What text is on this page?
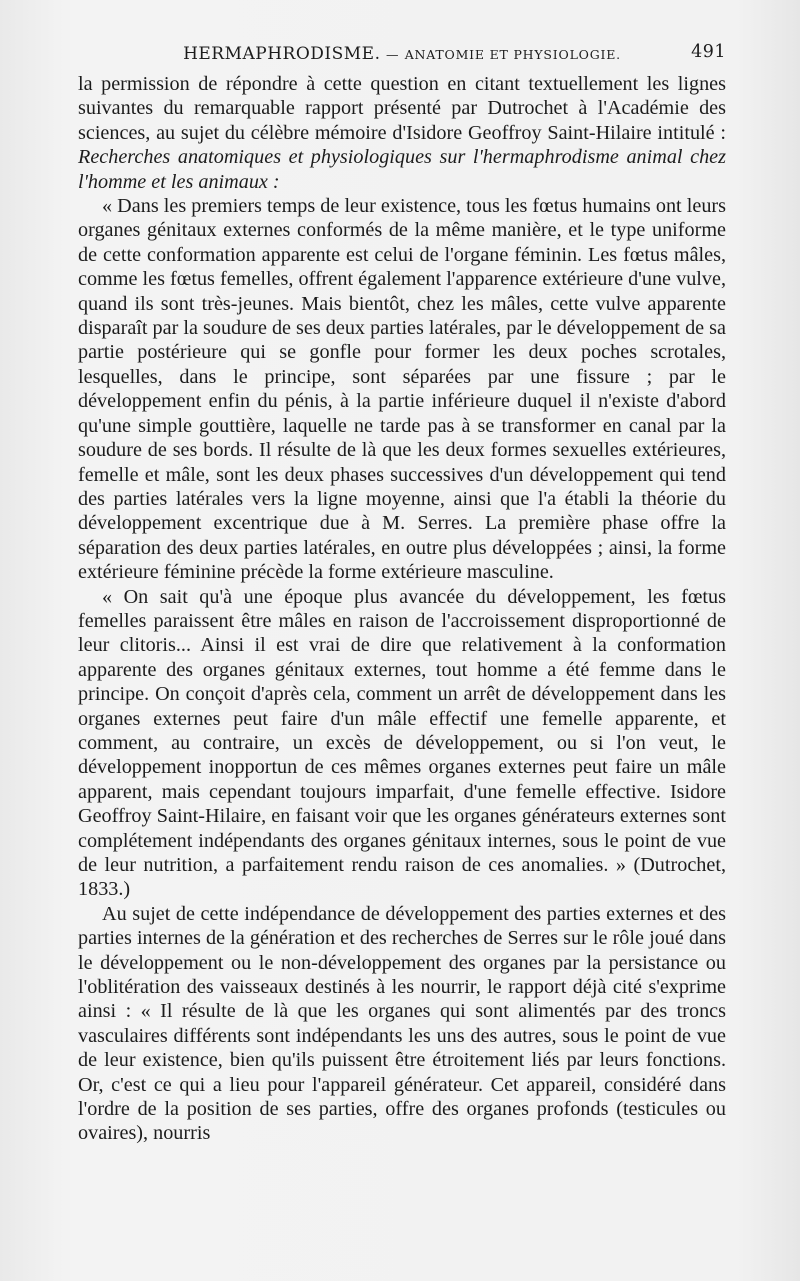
HERMAPHRODISME. — ANATOMIE ET PHYSIOLOGIE.	491

la permission de répondre à cette question en citant textuellement les lignes suivantes du remarquable rapport présenté par Dutrochet à l'Académie des sciences, au sujet du célèbre mémoire d'Isidore Geoffroy Saint-Hilaire intitulé : Recherches anatomiques et physiologiques sur l'hermaphrodisme animal chez l'homme et les animaux :

« Dans les premiers temps de leur existence, tous les fœtus humains ont leurs organes génitaux externes conformés de la même manière, et le type uniforme de cette conformation apparente est celui de l'organe féminin. Les fœtus mâles, comme les fœtus femelles, offrent également l'apparence extérieure d'une vulve, quand ils sont très-jeunes. Mais bientôt, chez les mâles, cette vulve apparente disparaît par la soudure de ses deux parties latérales, par le développement de sa partie postérieure qui se gonfle pour former les deux poches scrotales, lesquelles, dans le principe, sont séparées par une fissure ; par le développement enfin du pénis, à la partie inférieure duquel il n'existe d'abord qu'une simple gouttière, laquelle ne tarde pas à se transformer en canal par la soudure de ses bords. Il résulte de là que les deux formes sexuelles extérieures, femelle et mâle, sont les deux phases successives d'un développement qui tend des parties latérales vers la ligne moyenne, ainsi que l'a établi la théorie du développement excentrique due à M. Serres. La première phase offre la séparation des deux parties latérales, en outre plus développées ; ainsi, la forme extérieure féminine précède la forme extérieure masculine.

« On sait qu'à une époque plus avancée du développement, les fœtus femelles paraissent être mâles en raison de l'accroissement disproportionné de leur clitoris... Ainsi il est vrai de dire que relativement à la conformation apparente des organes génitaux externes, tout homme a été femme dans le principe. On conçoit d'après cela, comment un arrêt de développement dans les organes externes peut faire d'un mâle effectif une femelle apparente, et comment, au contraire, un excès de développement, ou si l'on veut, le développement inopportun de ces mêmes organes externes peut faire un mâle apparent, mais cependant toujours imparfait, d'une femelle effective. Isidore Geoffroy Saint-Hilaire, en faisant voir que les organes générateurs externes sont complétement indépendants des organes génitaux internes, sous le point de vue de leur nutrition, a parfaitement rendu raison de ces anomalies. » (Dutrochet, 1833.)

Au sujet de cette indépendance de développement des parties externes et des parties internes de la génération et des recherches de Serres sur le rôle joué dans le développement ou le non-développement des organes par la persistance ou l'oblitération des vaisseaux destinés à les nourrir, le rapport déjà cité s'exprime ainsi : « Il résulte de là que les organes qui sont alimentés par des troncs vasculaires différents sont indépendants les uns des autres, sous le point de vue de leur existence, bien qu'ils puissent être étroitement liés par leurs fonctions. Or, c'est ce qui a lieu pour l'appareil générateur. Cet appareil, considéré dans l'ordre de la position de ses parties, offre des organes profonds (testicules ou ovaires), nourris
